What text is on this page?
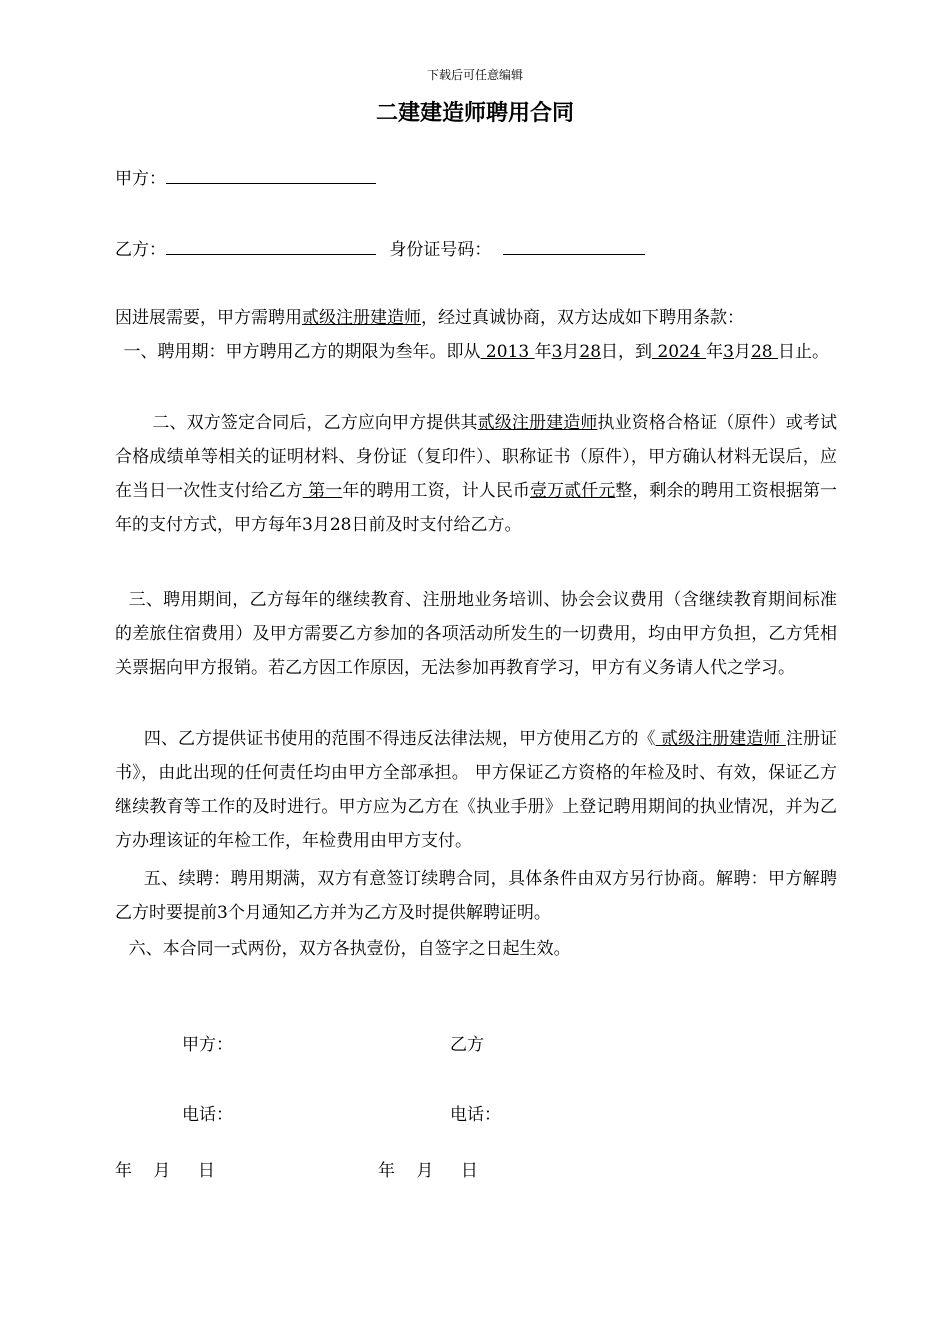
下载后可任意编辑
二建建造师聘用合同
甲方：
乙方：	身份证号码：
因进展需要，甲方需聘用贰级注册建造师，经过真诚协商，双方达成如下聘用条款：
一、聘用期：甲方聘用乙方的期限为叁年。即从 2013 年3月28日，到 2024 年3月28 日止。
二、双方签定合同后，乙方应向甲方提供其贰级注册建造师执业资格合格证（原件）或考试合格成绩单等相关的证明材料、身份证（复印件）、职称证书（原件），甲方确认材料无误后，应在当日一次性支付给乙方 第一年的聘用工资，计人民币壹万贰仟元整，剩余的聘用工资根据第一年的支付方式，甲方每年3月28日前及时支付给乙方。
三、聘用期间，乙方每年的继续教育、注册地业务培训、协会会议费用（含继续教育期间标准的差旅住宿费用）及甲方需要乙方参加的各项活动所发生的一切费用，均由甲方负担，乙方凭相关票据向甲方报销。若乙方因工作原因，无法参加再教育学习，甲方有义务请人代之学习。
四、乙方提供证书使用的范围不得违反法律法规，甲方使用乙方的《 贰级注册建造师 注册证书》，由此出现的任何责任均由甲方全部承担。 甲方保证乙方资格的年检及时、有效，保证乙方继续教育等工作的及时进行。甲方应为乙方在《执业手册》上登记聘用期间的执业情况，并为乙方办理该证的年检工作，年检费用由甲方支付。
五、续聘：聘用期满，双方有意签订续聘合同，具体条件由双方另行协商。解聘：甲方解聘乙方时要提前3个月通知乙方并为乙方及时提供解聘证明。
六、本合同一式两份，双方各执壹份，自签字之日起生效。
甲方：	乙方
电话：	电话：
年 月 日	年 月 日
